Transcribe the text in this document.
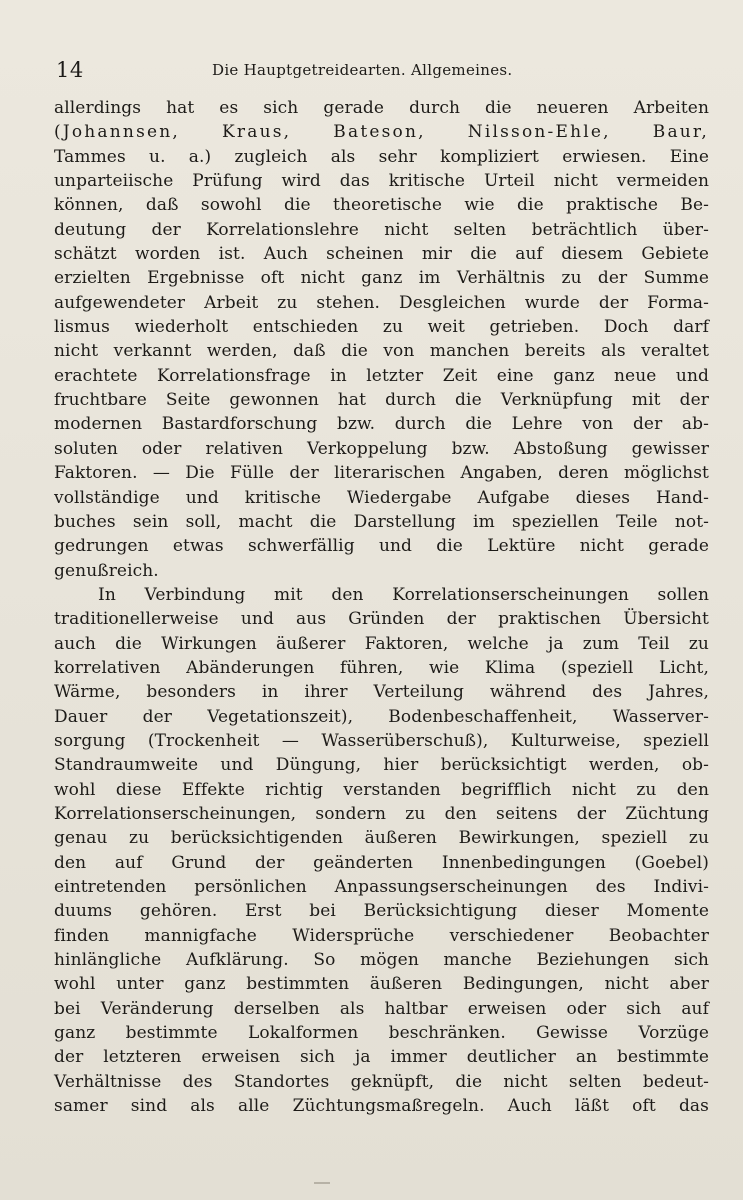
14	Die Hauptgetreidearten. Allgemeines.
allerdings hat es sich gerade durch die neueren Arbeiten
(Johannsen, Kraus, Bateson, Nilsson-Ehle, Baur,
Tammes u. a.) zugleich als sehr kompliziert erwiesen. Eine
unparteiische Prüfung wird das kritische Urteil nicht vermeiden
können, daß sowohl die theoretische wie die praktische Be-
deutung der Korrelationslehre nicht selten beträchtlich über-
schätzt worden ist. Auch scheinen mir die auf diesem Gebiete
erzielten Ergebnisse oft nicht ganz im Verhältnis zu der Summe
aufgewendeter Arbeit zu stehen. Desgleichen wurde der Forma-
lismus wiederholt entschieden zu weit getrieben. Doch darf
nicht verkannt werden, daß die von manchen bereits als veraltet
erachtete Korrelationsfrage in letzter Zeit eine ganz neue und
fruchtbare Seite gewonnen hat durch die Verknüpfung mit der
modernen Bastardforschung bzw. durch die Lehre von der ab-
soluten oder relativen Verkoppelung bzw. Abstoßung gewisser
Faktoren. — Die Fülle der literarischen Angaben, deren möglichst
vollständige und kritische Wiedergabe Aufgabe dieses Hand-
buches sein soll, macht die Darstellung im speziellen Teile not-
gedrungen etwas schwerfällig und die Lektüre nicht gerade
genußreich.
In Verbindung mit den Korrelationserscheinungen sollen
traditionellerweise und aus Gründen der praktischen Übersicht
auch die Wirkungen äußerer Faktoren, welche ja zum Teil zu
korrelativen Abänderungen führen, wie Klima (speziell Licht,
Wärme, besonders in ihrer Verteilung während des Jahres,
Dauer der Vegetationszeit), Bodenbeschaffenheit, Wasserver-
sorgung (Trockenheit — Wasserüberschuß), Kulturweise, speziell
Standraumweite und Düngung, hier berücksichtigt werden, ob-
wohl diese Effekte richtig verstanden begrifflich nicht zu den
Korrelationserscheinungen, sondern zu den seitens der Züchtung
genau zu berücksichtigenden äußeren Bewirkungen, speziell zu
den auf Grund der geänderten Innenbedingungen (Goebel)
eintretenden persönlichen Anpassungserscheinungen des Indivi-
duums gehören. Erst bei Berücksichtigung dieser Momente
finden mannigfache Widersprüche verschiedener Beobachter
hinlängliche Aufklärung. So mögen manche Beziehungen sich
wohl unter ganz bestimmten äußeren Bedingungen, nicht aber
bei Veränderung derselben als haltbar erweisen oder sich auf
ganz bestimmte Lokalformen beschränken. Gewisse Vorzüge
der letzteren erweisen sich ja immer deutlicher an bestimmte
Verhältnisse des Standortes geknüpft, die nicht selten bedeut-
samer sind als alle Züchtungsmaßregeln. Auch läßt oft das
